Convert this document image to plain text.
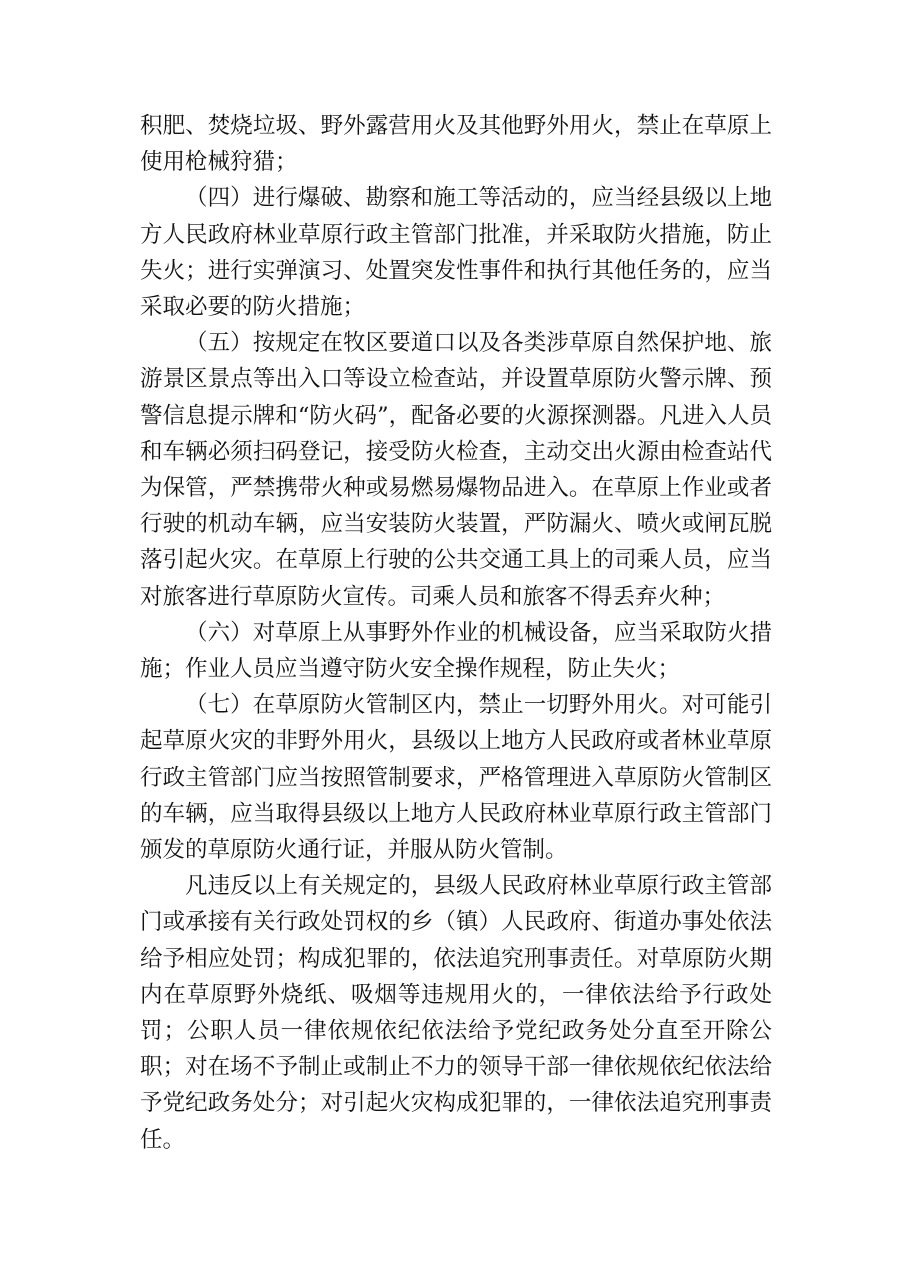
积肥、焚烧垃圾、野外露营用火及其他野外用火，禁止在草原上使用枪械狩猎；

（四）进行爆破、勘察和施工等活动的，应当经县级以上地方人民政府林业草原行政主管部门批准，并采取防火措施，防止失火；进行实弹演习、处置突发性事件和执行其他任务的，应当采取必要的防火措施；

（五）按规定在牧区要道口以及各类涉草原自然保护地、旅游景区景点等出入口等设立检查站，并设置草原防火警示牌、预警信息提示牌和“防火码”，配备必要的火源探测器。凡进入人员和车辆必须扫码登记，接受防火检查，主动交出火源由检查站代为保管，严禁携带火种或易燃易爆物品进入。在草原上作业或者行驶的机动车辆，应当安装防火装置，严防漏火、喷火或闸瓦脱落引起火灾。在草原上行驶的公共交通工具上的司乘人员，应当对旅客进行草原防火宣传。司乘人员和旅客不得丢弃火种；

（六）对草原上从事野外作业的机械设备，应当采取防火措施；作业人员应当遵守防火安全操作规程，防止失火；

（七）在草原防火管制区内，禁止一切野外用火。对可能引起草原火灾的非野外用火，县级以上地方人民政府或者林业草原行政主管部门应当按照管制要求，严格管理进入草原防火管制区的车辆，应当取得县级以上地方人民政府林业草原行政主管部门颁发的草原防火通行证，并服从防火管制。

凡违反以上有关规定的，县级人民政府林业草原行政主管部门或承接有关行政处罚权的乡（镇）人民政府、街道办事处依法给予相应处罚；构成犯罪的，依法追究刑事责任。对草原防火期内在草原野外烧纸、吸烟等违规用火的，一律依法给予行政处罚；公职人员一律依规依纪依法给予党纪政务处分直至开除公职；对在场不予制止或制止不力的领导干部一律依规依纪依法给予党纪政务处分；对引起火灾构成犯罪的，一律依法追究刑事责任。
